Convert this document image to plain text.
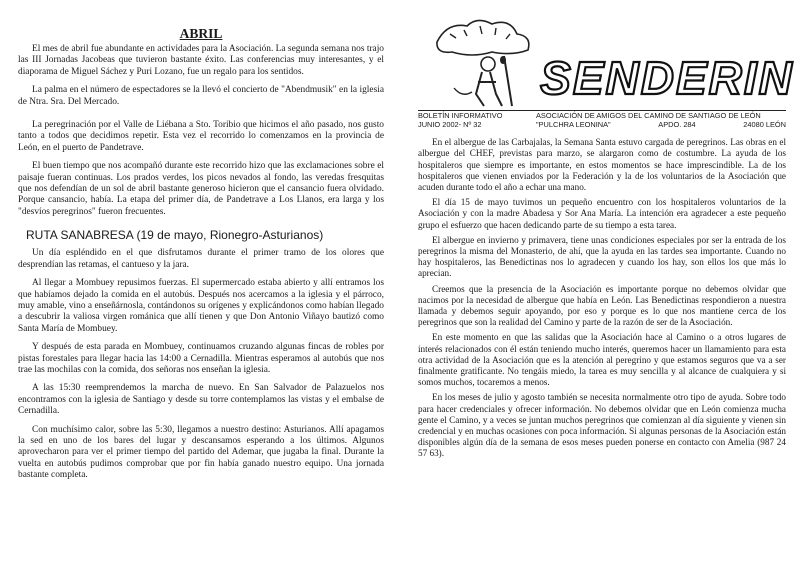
ABRIL

El mes de abril fue abundante en actividades para la Asociación. La segunda semana nos trajo las III Jornadas Jacobeas que tuvieron bastante éxito. Las conferencias muy interesantes, y el diaporama de Miguel Sáchez y Puri Lozano, fue un regalo para los sentidos.

La palma en el número de espectadores se la llevó el concierto de "Abendmusik" en la iglesia de Ntra. Sra. Del Mercado.

La peregrinación por el Valle de Liébana a Sto. Toribio que hicimos el año pasado, nos gusto tanto a todos que decidimos repetir. Esta vez el recorrido lo comenzamos en la provincia de León, en el puerto de Pandetrave.

El buen tiempo que nos acompañó durante este recorrido hizo que las exclamaciones sobre el paisaje fueran continuas. Los prados verdes, los picos nevados al fondo, las veredas fresquitas que nos defendían de un sol de abril bastante generoso hicieron que el cansancio fuera olvidado. Porque cansancio, había. La etapa del primer día, de Pandetrave a Los Llanos, era larga y los "desvíos peregrinos" fueron frecuentes.

RUTA SANABRESA (19 de mayo, Rionegro-Asturianos)

Un día espléndido en el que disfrutamos durante el primer tramo de los olores que desprendían las retamas, el cantueso y la jara.

Al llegar a Mombuey repusimos fuerzas. El supermercado estaba abierto y allí entramos los que habíamos dejado la comida en el autobús. Después nos acercamos a la iglesia y el párroco, muy amable, vino a enseñárnosla, contándonos su orígenes y explicándonos como habían llegado a descubrir la valiosa virgen románica que allí tienen y que Don Antonio Viñayo bautizó como Santa María de Mombuey.

Y después de esta parada en Mombuey, continuamos cruzando algunas fincas de robles por pistas forestales para llegar hacia las 14:00 a Cernadilla. Mientras esperamos al autobús que nos trae las mochilas con la comida, dos señoras nos enseñan la iglesia.

A las 15:30 reemprendemos la marcha de nuevo. En San Salvador de Palazuelos nos encontramos con la iglesia de Santiago y desde su torre contemplamos las vistas y el embalse de Cernadilla.

Con muchísimo calor, sobre las 5:30, llegamos a nuestro destino: Asturianos. Allí apagamos la sed en uno de los bares del lugar y descansamos esperando a los últimos. Algunos aprovecharon para ver el primer tiempo del partido del Ademar, que jugaba la final. Durante la vuelta en autobús pudimos comprobar que por fin había ganado nuestro equipo. Una jornada bastante completa.

SENDERIN
BOLETÍN INFORMATIVO	ASOCIACIÓN DE AMIGOS DEL CAMINO DE SANTIAGO DE LEÓN
JUNIO 2002- Nº 32	"PULCHRA LEONINA"	APDO. 284	24080 LEÓN

En el albergue de las Carbajalas, la Semana Santa estuvo cargada de peregrinos. Las obras en el albergue del CHEF, previstas para marzo, se alargaron como de costumbre. La ayuda de los hospitaleros que siempre es importante, en estos momentos se hace imprescindible. La de los hospitaleros que vienen enviados por la Federación y la de los voluntarios de la Asociación que acuden durante todo el año a echar una mano.

El día 15 de mayo tuvimos un pequeño encuentro con los hospitaleros voluntarios de la Asociación y con la madre Abadesa y Sor Ana María. La intención era agradecer a este pequeño grupo el esfuerzo que hacen dedicando parte de su tiempo a esta tarea.

El albergue en invierno y primavera, tiene unas condiciones especiales por ser la entrada de los peregrinos la misma del Monasterio, de ahí, que la ayuda en las tardes sea importante. Cuando no hay hospitaleros, las Benedictinas nos lo agradecen y cuando los hay, son ellos los que más lo aprecian.

Creemos que la presencia de la Asociación es importante porque no debemos olvidar que nacimos por la necesidad de albergue que había en León. Las Benedictinas respondieron a nuestra llamada y debemos seguir apoyando, por eso y porque es lo que nos mantiene cerca de los peregrinos que son la realidad del Camino y parte de la razón de ser de la Asociación.

En este momento en que las salidas que la Asociación hace al Camino o a otros lugares de interés relacionados con él están teniendo mucho interés, queremos hacer un llamamiento para esta otra actividad de la Asociación que es la atención al peregrino y que estamos seguros que va a ser finalmente gratificante. No tengáis miedo, la tarea es muy sencilla y al alcance de cualquiera y si somos muchos, tocaremos a menos.

En los meses de julio y agosto también se necesita normalmente otro tipo de ayuda. Sobre todo para hacer credenciales y ofrecer información. No debemos olvidar que en León comienza mucha gente el Camino, y a veces se juntan muchos peregrinos que comienzan al día siguiente y vienen sin credencial y en muchas ocasiones con poca información. Si algunas personas de la Asociación están disponibles algún día de la semana de esos meses pueden ponerse en contacto con Amelia (987 24 57 63).
